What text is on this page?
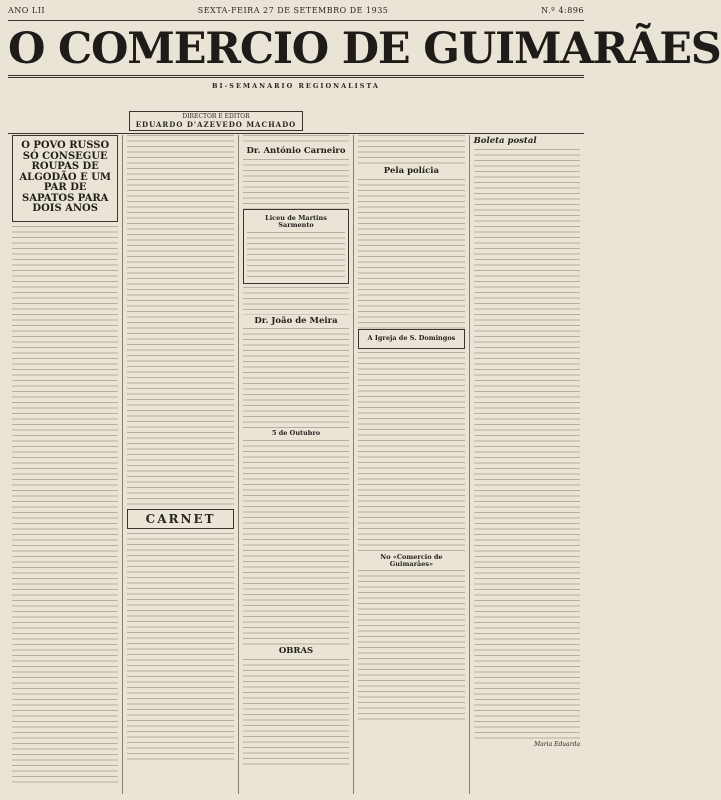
ANO LII	SEXTA-FEIRA 27 DE SETEMBRO DE 1935	N.º 4:896
O COMERCIO DE GUIMARÃES
BI-SEMANARIO REGIONALISTA
DIRECTOR E EDITOR
EDUARDO D'AZEVEDO MACHADO
O POVO RUSSO SÓ CONSEGUE ROUPAS DE ALGODÃO E UM PAR DE SAPATOS PARA DOIS ANOS
CARNET
Dr. António Carneiro
Liceu de Martins Sarmento
Dr. João de Meira
5 de Outubro
OBRAS
Pela polícia
A Igreja de S. Domingos
No «Comercio de Guimarães»
Boleta postal
Maria Eduarda
